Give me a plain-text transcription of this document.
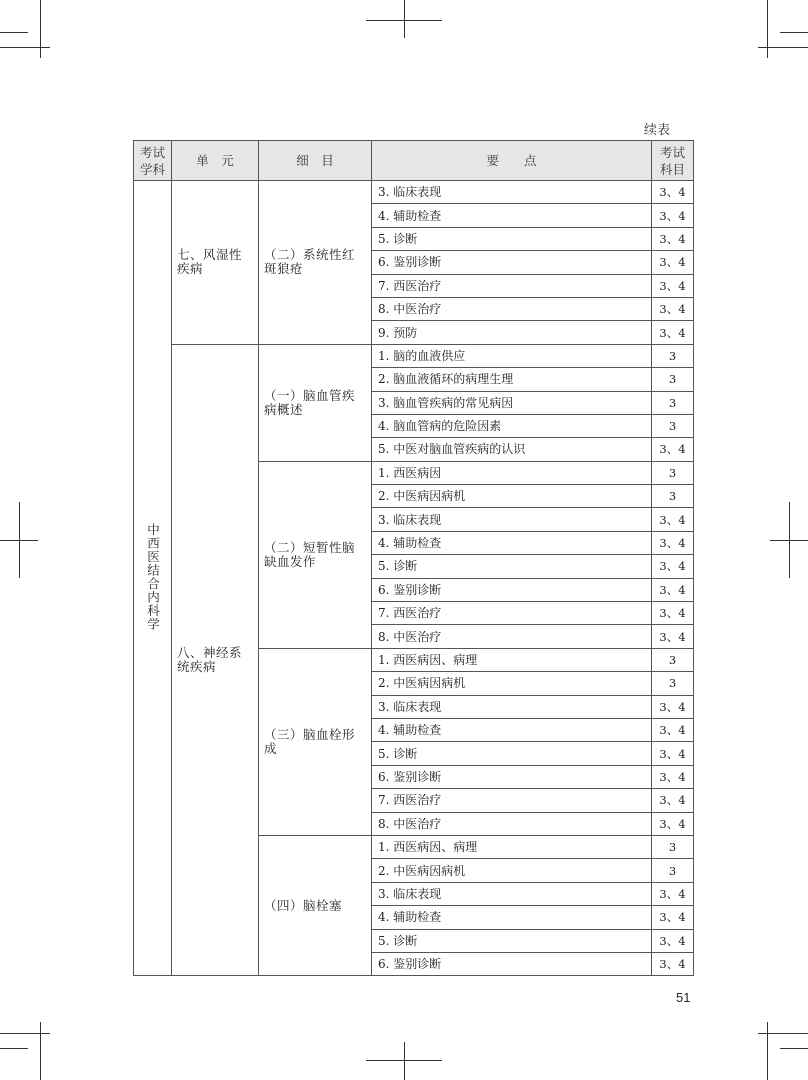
续表
考试
学科	单　元	细　目	要　　点	考试
科目
中西医结合内科学	七、风湿性疾病	（二）系统性红斑狼疮	3. 临床表现	3、4
			4. 辅助检查	3、4
			5. 诊断	3、4
			6. 鉴别诊断	3、4
			7. 西医治疗	3、4
			8. 中医治疗	3、4
			9. 预防	3、4
	八、神经系统疾病	（一）脑血管疾病概述	1. 脑的血液供应	3
			2. 脑血液循环的病理生理	3
			3. 脑血管疾病的常见病因	3
			4. 脑血管病的危险因素	3
			5. 中医对脑血管疾病的认识	3、4
		（二）短暂性脑缺血发作	1. 西医病因	3
			2. 中医病因病机	3
			3. 临床表现	3、4
			4. 辅助检查	3、4
			5. 诊断	3、4
			6. 鉴别诊断	3、4
			7. 西医治疗	3、4
			8. 中医治疗	3、4
		（三）脑血栓形成	1. 西医病因、病理	3
			2. 中医病因病机	3
			3. 临床表现	3、4
			4. 辅助检查	3、4
			5. 诊断	3、4
			6. 鉴别诊断	3、4
			7. 西医治疗	3、4
			8. 中医治疗	3、4
		（四）脑栓塞	1. 西医病因、病理	3
			2. 中医病因病机	3
			3. 临床表现	3、4
			4. 辅助检查	3、4
			5. 诊断	3、4
			6. 鉴别诊断	3、4
51
